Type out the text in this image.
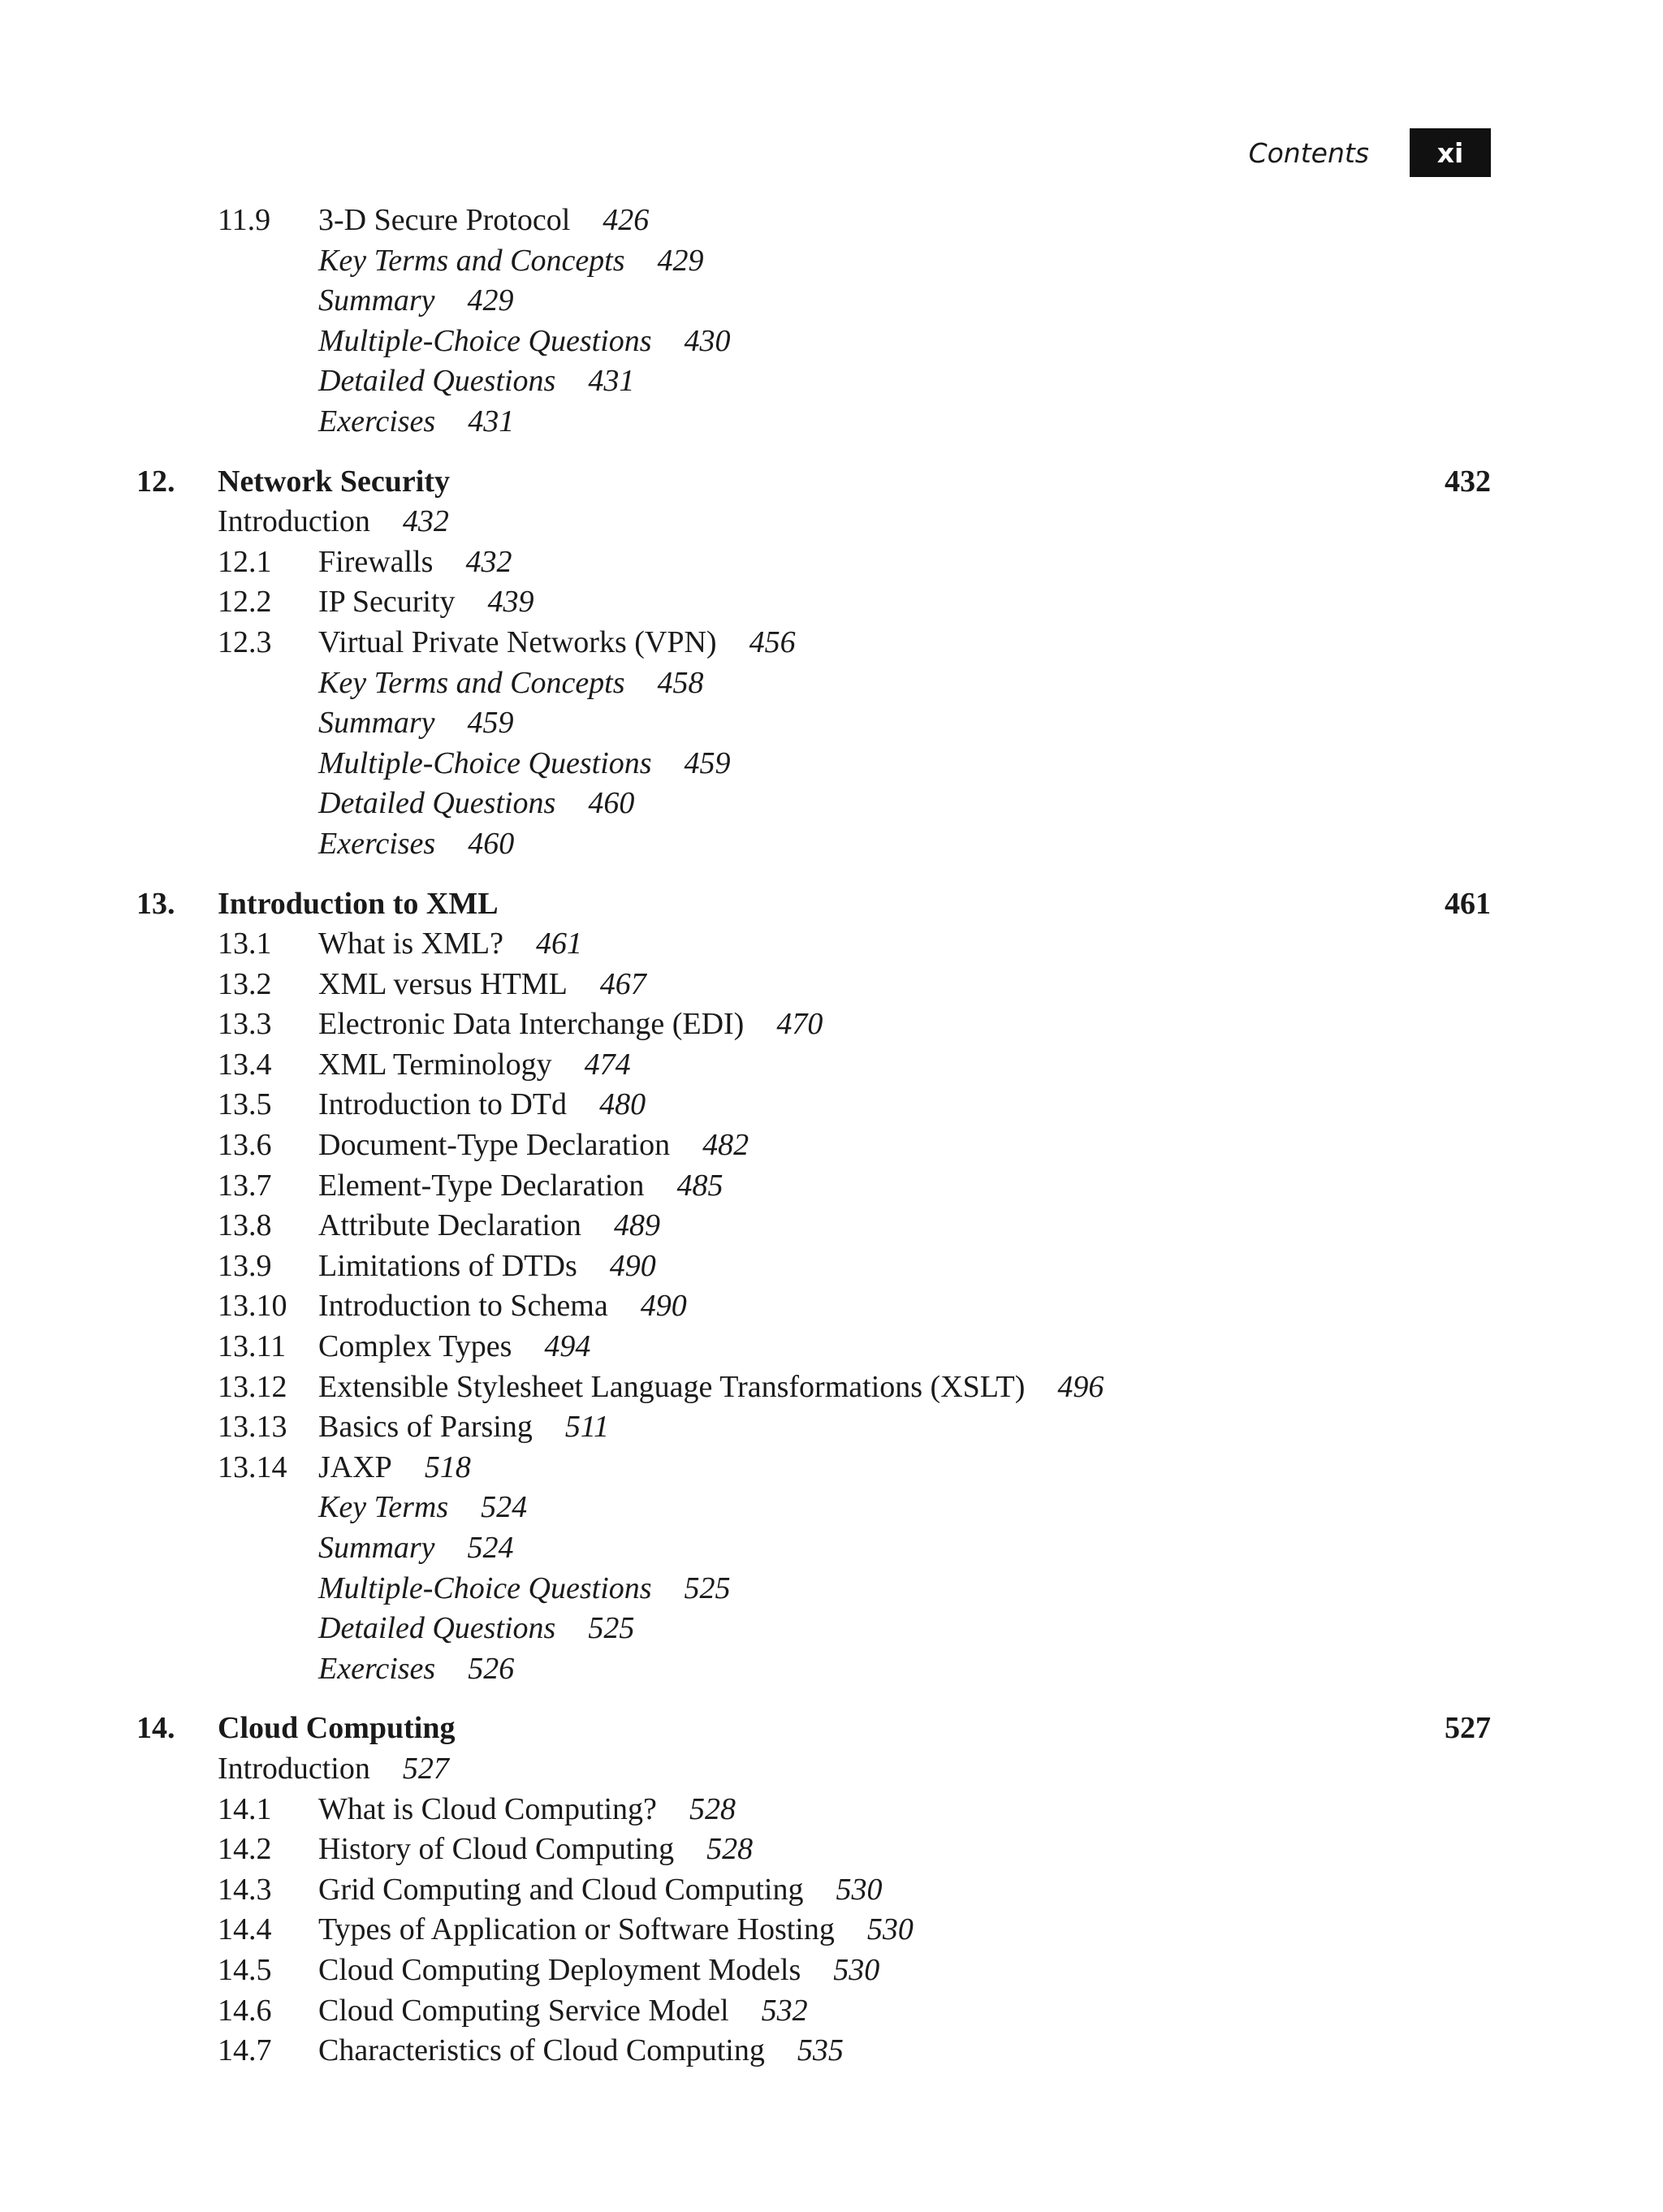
Contents	xi
11.9 3-D Secure Protocol 426
Key Terms and Concepts 429
Summary 429
Multiple-Choice Questions 430
Detailed Questions 431
Exercises 431
12. Network Security	432
Introduction 432
12.1 Firewalls 432
12.2 IP Security 439
12.3 Virtual Private Networks (VPN) 456
Key Terms and Concepts 458
Summary 459
Multiple-Choice Questions 459
Detailed Questions 460
Exercises 460
13. Introduction to XML	461
13.1 What is XML? 461
13.2 XML versus HTML 467
13.3 Electronic Data Interchange (EDI) 470
13.4 XML Terminology 474
13.5 Introduction to DTd 480
13.6 Document-Type Declaration 482
13.7 Element-Type Declaration 485
13.8 Attribute Declaration 489
13.9 Limitations of DTDs 490
13.10 Introduction to Schema 490
13.11 Complex Types 494
13.12 Extensible Stylesheet Language Transformations (XSLT) 496
13.13 Basics of Parsing 511
13.14 JAXP 518
Key Terms 524
Summary 524
Multiple-Choice Questions 525
Detailed Questions 525
Exercises 526
14. Cloud Computing	527
Introduction 527
14.1 What is Cloud Computing? 528
14.2 History of Cloud Computing 528
14.3 Grid Computing and Cloud Computing 530
14.4 Types of Application or Software Hosting 530
14.5 Cloud Computing Deployment Models 530
14.6 Cloud Computing Service Model 532
14.7 Characteristics of Cloud Computing 535
